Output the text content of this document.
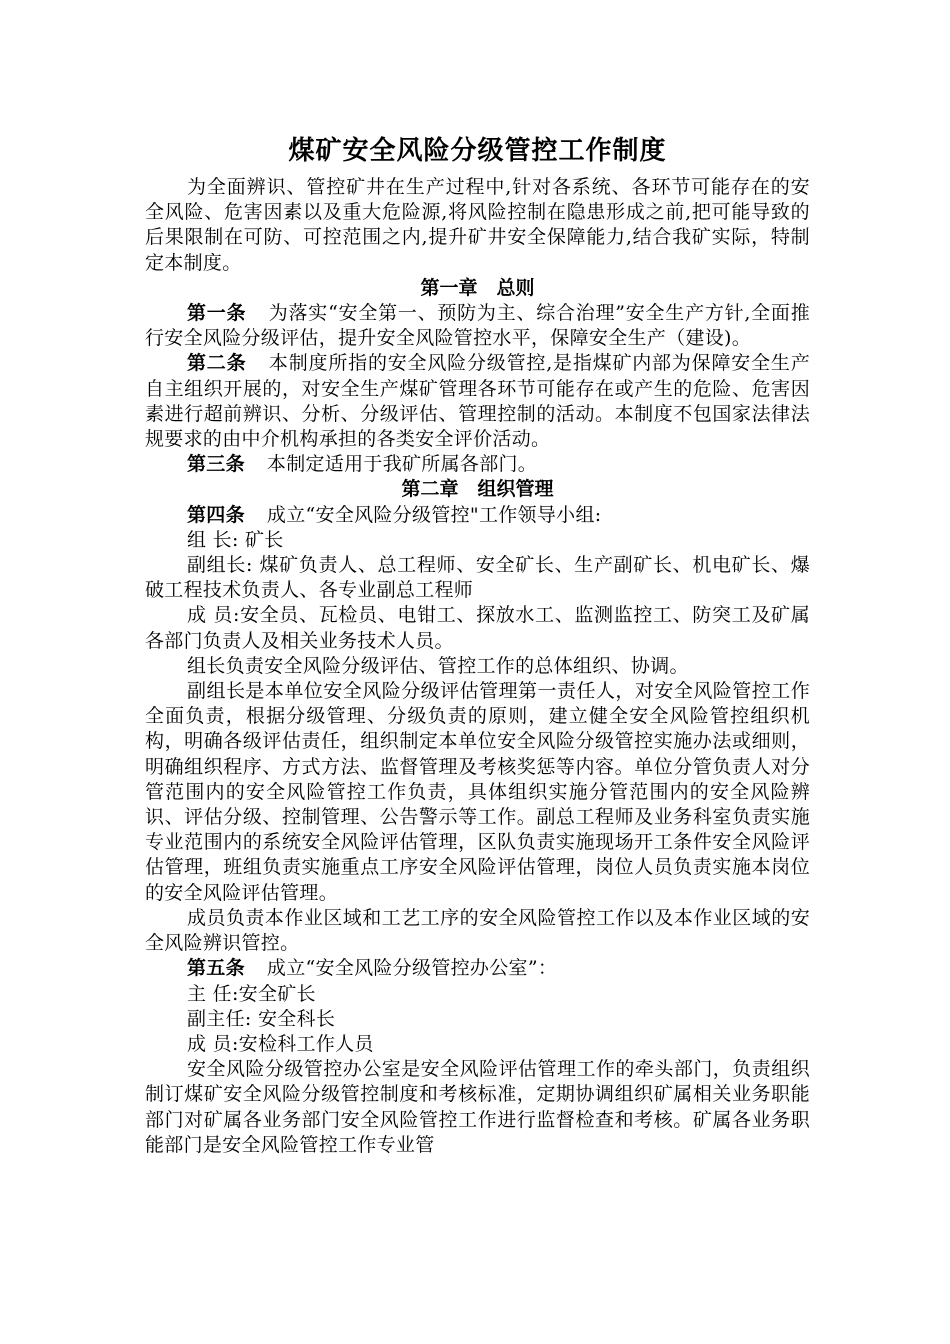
煤矿安全风险分级管控工作制度

为全面辨识、管控矿井在生产过程中,针对各系统、各环节可能存在的安全风险、危害因素以及重大危险源,将风险控制在隐患形成之前,把可能导致的后果限制在可防、可控范围之内,提升矿井安全保障能力,结合我矿实际，特制定本制度。

第一章　总则

第一条 为落实“安全第一、预防为主、综合治理”安全生产方针,全面推行安全风险分级评估，提升安全风险管控水平，保障安全生产（建设)。

第二条 本制度所指的安全风险分级管控,是指煤矿内部为保障安全生产自主组织开展的，对安全生产煤矿管理各环节可能存在或产生的危险、危害因素进行超前辨识、分析、分级评估、管理控制的活动。本制度不包国家法律法规要求的由中介机构承担的各类安全评价活动。

第三条 本制定适用于我矿所属各部门。

第二章　组织管理

第四条 成立“安全风险分级管控"工作领导小组:

组 长: 矿长

副组长: 煤矿负责人、总工程师、安全矿长、生产副矿长、机电矿长、爆破工程技术负责人、各专业副总工程师

成 员:安全员、瓦检员、电钳工、探放水工、监测监控工、防突工及矿属各部门负责人及相关业务技术人员。

组长负责安全风险分级评估、管控工作的总体组织、协调。

副组长是本单位安全风险分级评估管理第一责任人，对安全风险管控工作全面负责，根据分级管理、分级负责的原则，建立健全安全风险管控组织机构，明确各级评估责任，组织制定本单位安全风险分级管控实施办法或细则，明确组织程序、方式方法、监督管理及考核奖惩等内容。单位分管负责人对分管范围内的安全风险管控工作负责，具体组织实施分管范围内的安全风险辨识、评估分级、控制管理、公告警示等工作。副总工程师及业务科室负责实施专业范围内的系统安全风险评估管理，区队负责实施现场开工条件安全风险评估管理，班组负责实施重点工序安全风险评估管理，岗位人员负责实施本岗位的安全风险评估管理。

成员负责本作业区域和工艺工序的安全风险管控工作以及本作业区域的安全风险辨识管控。

第五条 成立“安全风险分级管控办公室”：

主 任:安全矿长

副主任: 安全科长

成 员:安检科工作人员

安全风险分级管控办公室是安全风险评估管理工作的牵头部门，负责组织制订煤矿安全风险分级管控制度和考核标准，定期协调组织矿属相关业务职能部门对矿属各业务部门安全风险管控工作进行监督检查和考核。矿属各业务职能部门是安全风险管控工作专业管
